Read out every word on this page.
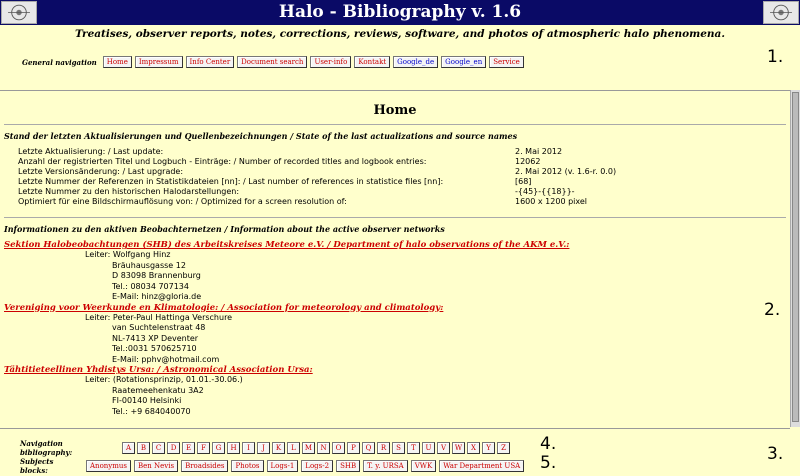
Halo - Bibliography v. 1.6
Treatises, observer reports, notes, corrections, reviews, software, and photos of atmospheric halo phenomena.
General navigation	Home	Impressum	Info Center	Document search	User-info	Kontakt	Google_de	Google_en	Service	1.
Home
Stand der letzten Aktualisierungen und Quellenbezeichnungen / State of the last actualizations and source names
Letzte Aktualisierung: / Last update:	2. Mai 2012
Anzahl der registrierten Titel und Logbuch - Einträge: / Number of recorded titles and logbook entries:	12062
Letzte Versionsänderung: / Last upgrade:	2. Mai 2012 (v. 1.6-r. 0.0)
Letzte Nummer der Referenzen in Statistikdateien [nn]: / Last number of references in statistice files [nn]:	[68]
Letzte Nummer zu den historischen Halodarstellungen:	-{45}-{{18}}-
Optimiert für eine Bildschirmauflösung von: / Optimized for a screen resolution of:	1600 x 1200 pixel
Informationen zu den aktiven Beobachternetzen / Information about the active observer networks
Sektion Halobeobachtungen (SHB) des Arbeitskreises Meteore e.V. / Department of halo observations of the AKM e.V.:
Leiter: Wolfgang Hinz
Bräuhausgasse 12
D 83098 Brannenburg
Tel.: 08034 707134
E-Mail: hinz@gloria.de
Vereniging voor Weerkunde en Klimatologie: / Association for meteorology and climatology:
Leiter: Peter-Paul Hattinga Verschure
van Suchtelenstraat 48
NL-7413 XP Deventer
Tel.:0031 570625710
E-Mail: pphv@hotmail.com
Tähtitieteellinen Yhdistys Ursa: / Astronomical Association Ursa:
Leiter: (Rotationsprinzip, 01.01.-30.06.)
Raatemeehenkatu 3A2
FI-00140 Helsinki
Tel.: +9 684040070
2.
Navigation bibliography:	A	B	C	D	E	F	G	H	I	J	K	L	M	N	O	P	Q	R	S	T	U	V	W	X	Y	Z
Subjects blocks:	Anonymus	Ben Nevis	Broadsides	Photos	Logs-1	Logs-2	SHB	T. y. URSA	VWK	War Department USA
4.
5.	3.
